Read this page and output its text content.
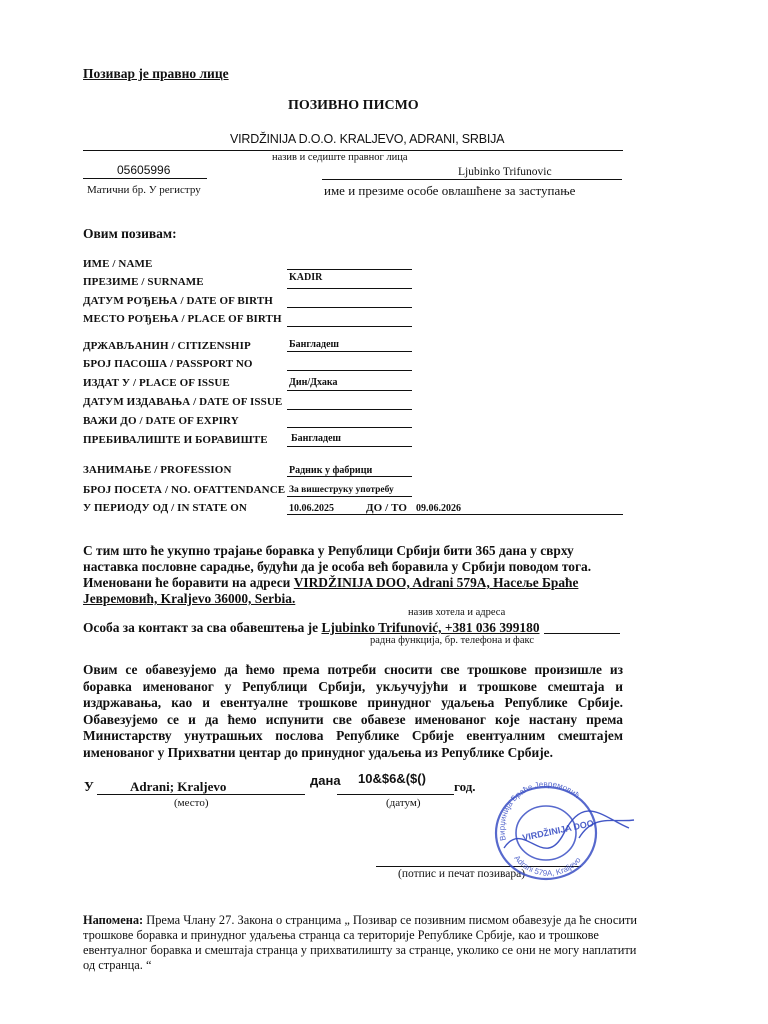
Позивар је правно лице
ПОЗИВНО ПИСМО
VIRDŽINIJA D.O.O. KRALJEVO, ADRANI, SRBIJA
назив и седиште правног лица
05605996
Матични бр. У регистру
Ljubinko Trifunovic
име и презиме особе овлашћене за заступање
Овим позивам:
ИМЕ / NAME
ПРЕЗИМЕ / SURNAME	KADIR
ДАТУМ РОЂЕЊА / DATE OF BIRTH
МЕСТО РОЂЕЊА / PLACE OF BIRTH
ДРЖАВЉАНИН / CITIZENSHIP	Бангладеш
БРОЈ ПАСОША / PASSPORT NO
ИЗДАТ У / PLACE OF ISSUE	Дин/Дхака
ДАТУМ ИЗДАВАЊА / DATE OF ISSUE
ВАЖИ ДО / DATE OF EXPIRY
ПРЕБИВАЛИШТЕ И БОРАВИШТЕ Бангладеш
ЗАНИМАЊЕ / PROFESSION	Радник у фабрици
БРОЈ ПОСЕТА / NO. OFATTENDANCE За вишеструку употребу
У ПЕРИОДУ ОД / IN STATE ON	10.06.2025	ДО / TO 09.06.2026
С тим што ће укупно трајање боравка у Републици Србији бити 365 дана у сврху
наставка пословне сарадње, будући да је особа већ боравила у Србији поводом тога.
Именовани ће боравити на адреси VIRDŽINIJA DOO, Adrani 579A, Насеље Браће
Јевремовић, Kraljevo 36000, Serbia.
назив хотела и адреса
Особа за контакт за сва обавештења је Ljubinko Trifunović, +381 036 399180
радна функција, бр. телефона и факс
Овим се обавезујемо да ћемо према потреби сносити све трошкове произишле из
боравка именованог у Републици Србији, укључујући и трошкове смештаја и
издржавања, као и евентуалне трошкове принудног удаљења Републике Србије.
Обавезујемо се и да ћемо испунити све обавезе именованог које настану према
Министарству унутрашњих послова Републике Србије евентуалним смештајем
именованог у Прихватни центар до принудног удаљења из Републике Србије.
У	Adrani; Kraljevo
(место)
дана 10&$6&($()
год.
(датум)
(потпис и печат позивара)
Вирџинија Браће Јевремовић
Adrani 579A, Kraljevo
VIRDŽINIJA DOO
Напомена: Према Члану 27. Закона о странцима „ Позивар се позивним писмом обавезује да ће сносити
трошкове боравка и принудног удаљења странца са територије Републике Србије, као и трошкове
евентуалног боравка и смештаја странца у прихватилишту за странце, уколико се они не могу наплатити
од странца. “
